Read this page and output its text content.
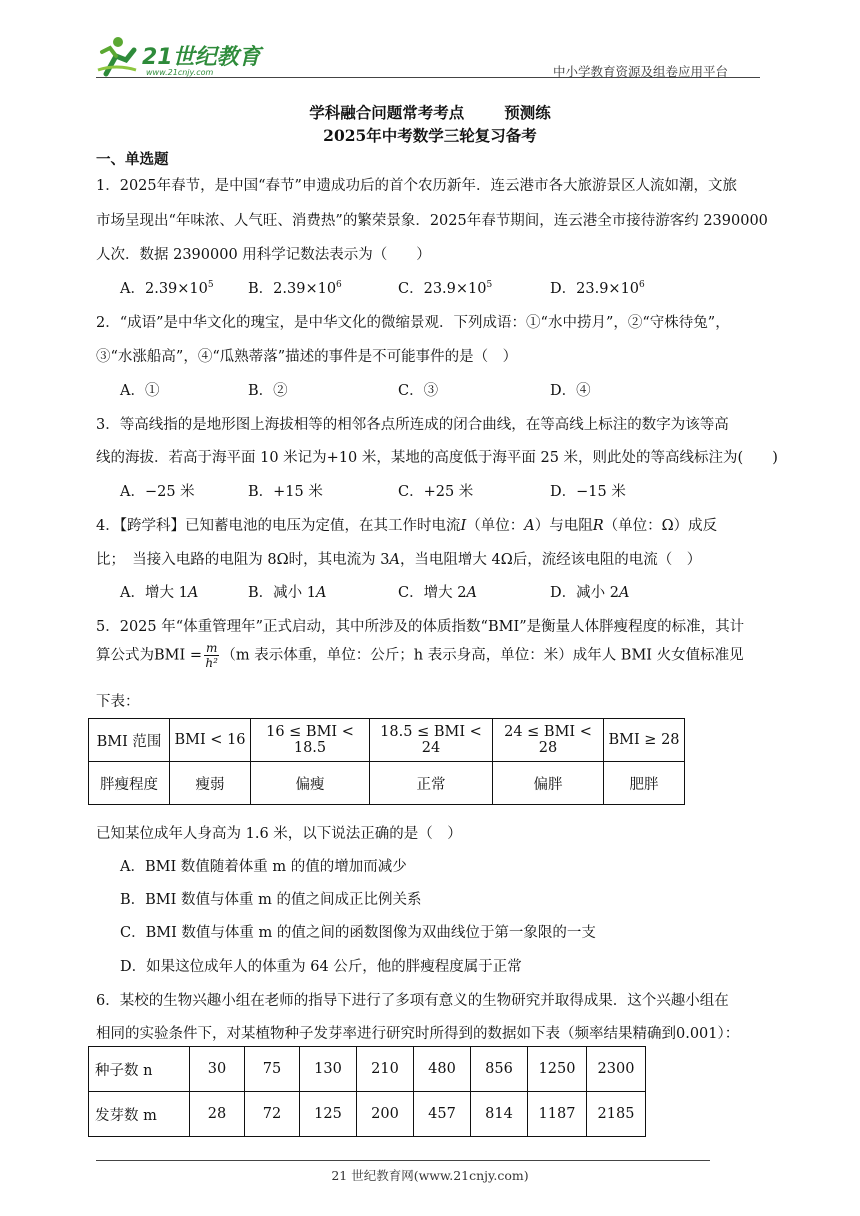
21世纪教育
www.21cnjy.com	中小学教育资源及组卷应用平台
学科融合问题常考考点	预测练
2025年中考数学三轮复习备考
一、单选题
1．2025年春节，是中国“春节”申遗成功后的首个农历新年．连云港市各大旅游景区人流如潮，文旅
市场呈现出“年味浓、人气旺、消费热”的繁荣景象．2025年春节期间，连云港全市接待游客约 2390000
人次．数据 2390000 用科学记数法表示为（　　）
A．$2.39\times 10^5$ B．$2.39\times 10^6$	C．$23.9\times 10^5$	D．$23.9\times 10^6$
2．“成语”是中华文化的瑰宝，是中华文化的微缩景观．下列成语：①“水中捞月”，②“守株待兔”，
③“水涨船高”，④“瓜熟蒂落”描述的事件是不可能事件的是（　）
A．①	B．②	C．③	D．④
3．等高线指的是地形图上海拔相等的相邻各点所连成的闭合曲线，在等高线上标注的数字为该等高
线的海拔．若高于海平面 10 米记为+10 米，某地的高度低于海平面 25 米，则此处的等高线标注为(　　)
A．−25 米	B．+15 米	C．+25 米	D．−15 米
4．【跨学科】已知蓄电池的电压为定值，在其工作时电流I（单位：A）与电阻R（单位：Ω）成反
比；　当接入电路的电阻为 8Ω时，其电流为 3A，当电阻增大 4Ω后，流经该电阻的电流（　）
A．增大 1A	B．减小 1A	C．增大 2A	D．减小 2A
5．2025 年“体重管理年”正式启动，其中所涉及的体质指数“BMI”是衡量人体胖瘦程度的标准，其计
算公式为BMI = $\frac{m}{\text{h²}} (m$ 表示体重，单位：公斤；h 表示身高，单位：米）成年人 BMI 火女值标准见
下表：
BMI 范围	BMI < 16	16 ≤ BMI < 18.5	18.5 ≤ BMI < 24	24 ≤ BMI < 28	BMI ≥ 28
胖瘦程度	瘦弱	偏瘦	正常	偏胖	肥胖
已知某位成年人身高为 1.6 米，以下说法正确的是（　）
A．BMI 数值随着体重 m 的值的增加而减少
B．BMI 数值与体重 m 的值之间成正比例关系
C．BMI 数值与体重 m 的值之间的函数图像为双曲线位于第一象限的一支
D．如果这位成年人的体重为 64 公斤，他的胖瘦程度属于正常
6．某校的生物兴趣小组在老师的指导下进行了多项有意义的生物研究并取得成果．这个兴趣小组在
相同的实验条件下，对某植物种子发芽率进行研究时所得到的数据如下表（频率结果精确到0.001）：
种子数 n	30	75	130	210	480	856	1250	2300
发芽数 m	28	72	125	200	457	814	1187	2185
21 世纪教育网(www.21cnjy.com)
